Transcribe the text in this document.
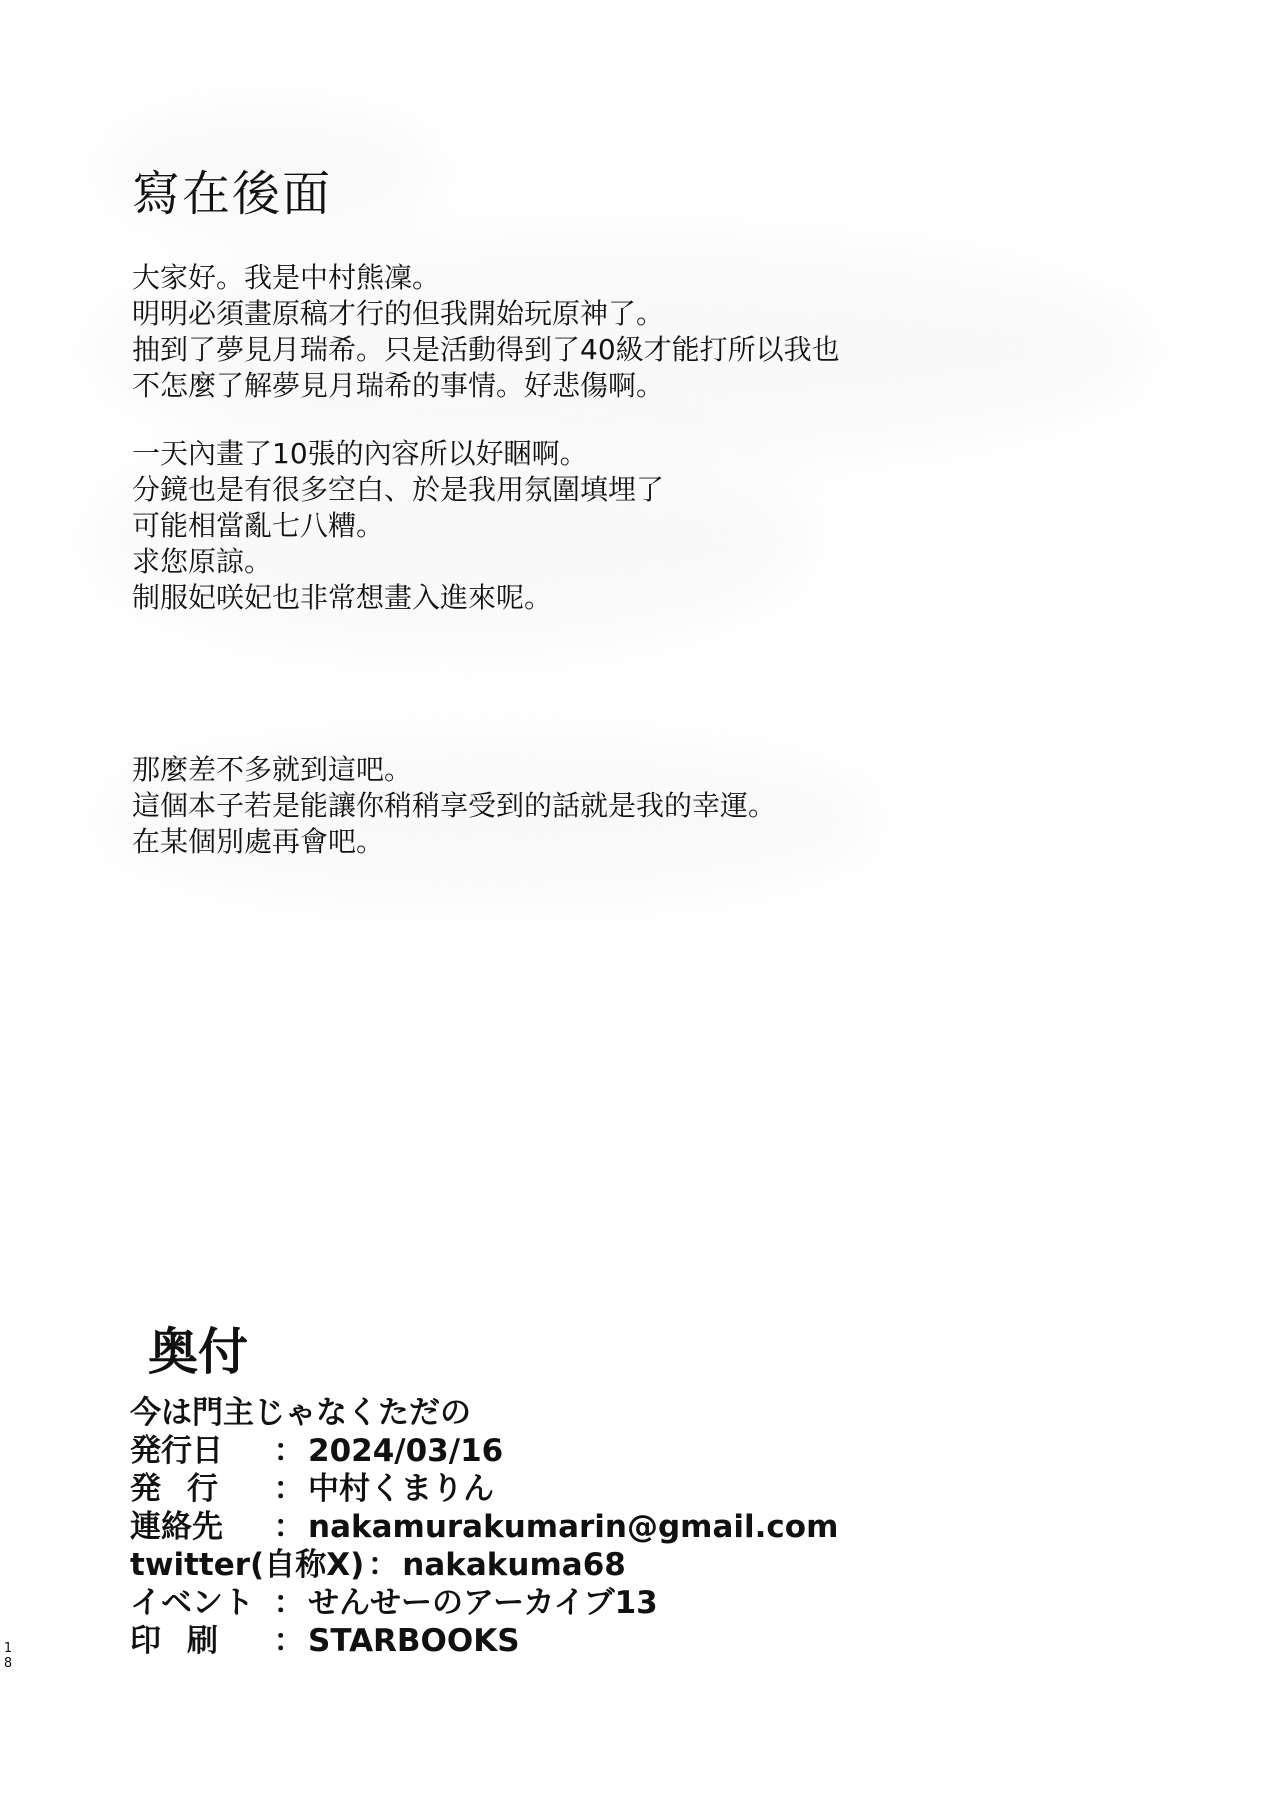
寫在後面
大家好。我是中村熊凜。
明明必須畫原稿才行的但我開始玩原神了。
抽到了夢見月瑞希。只是活動得到了40級才能打所以我也
不怎麼了解夢見月瑞希的事情。好悲傷啊。
一天內畫了10張的內容所以好睏啊。
分鏡也是有很多空白、於是我用氛圍填埋了
可能相當亂七八糟。
求您原諒。
制服妃咲妃也非常想畫入進來呢。
那麼差不多就到這吧。
這個本子若是能讓你稍稍享受到的話就是我的幸運。
在某個別處再會吧。
奥付
今は門主じゃなくただの
発行日	： 2024/03/16
発行 ： 中村くまりん
連絡先	： nakamurakumarin@gmail.com
twitter(自称X) ： nakakuma68
イベント ： せんせーのアーカイブ13
印刷 ： STARBOOKS
1
8
